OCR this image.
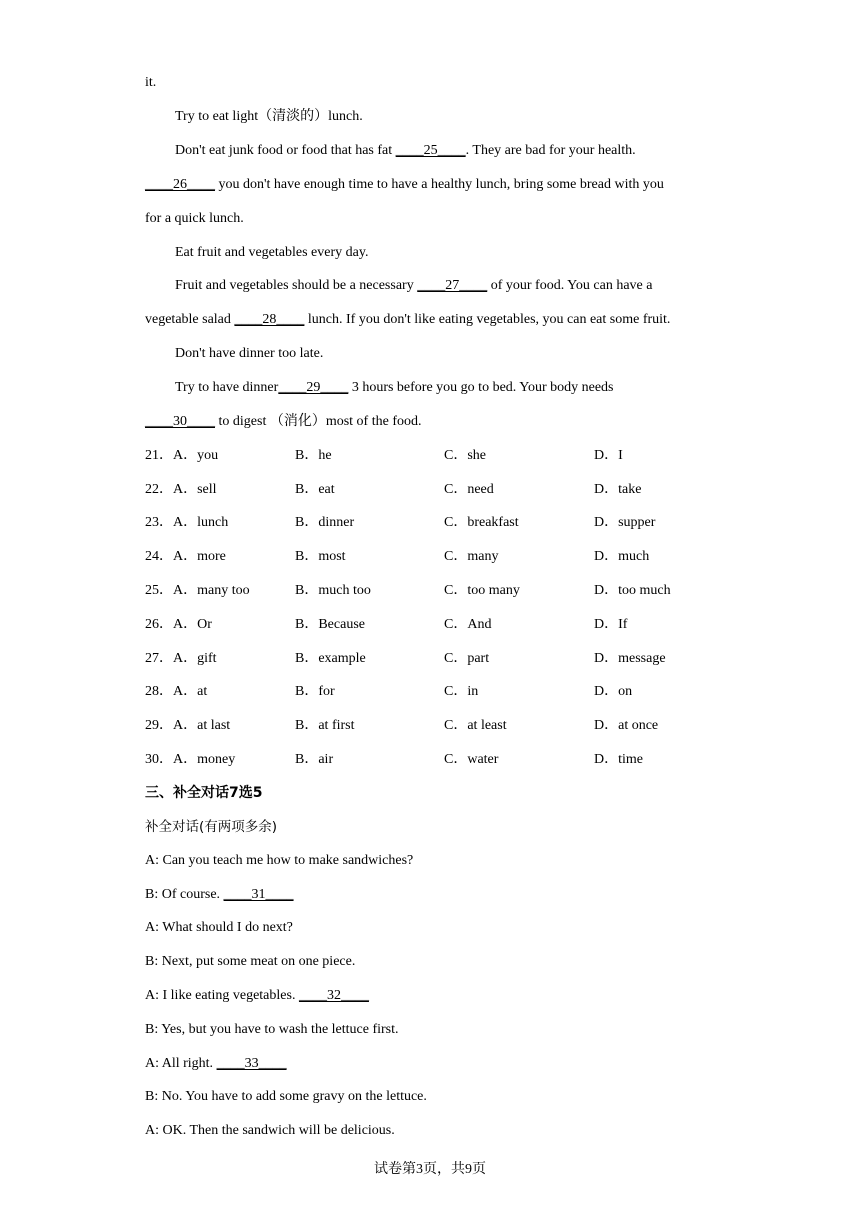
it.
Try to eat light（清淡的）lunch.
Don't eat junk food or food that has fat ____25____. They are bad for your health.
____26____ you don't have enough time to have a healthy lunch, bring some bread with you
for a quick lunch.
Eat fruit and vegetables every day.
Fruit and vegetables should be a necessary ____27____ of your food. You can have a
vegetable salad ____28____ lunch. If you don't like eating vegetables, you can eat some fruit.
Don't have dinner too late.
Try to have dinner____29____ 3 hours before you go to bed. Your body needs
____30____ to digest （消化）most of the food.
21． A．you	B．he	C．she	D．I
22． A．sell	B．eat	C．need	D．take
23． A．lunch	B．dinner	C．breakfast	D．supper
24． A．more	B．most	C．many	D．much
25． A．many too	B．much too	C．too many	D．too much
26． A．Or	B．Because	C．And	D．If
27． A．gift	B．example	C．part	D．message
28． A．at	B．for	C．in	D．on
29． A．at last	B．at first	C．at least	D．at once
30． A．money	B．air	C．water	D．time
三、补全对话7选5
补全对话(有两项多余)
A: Can you teach me how to make sandwiches?
B: Of course. ____31____
A: What should I do next?
B: Next, put some meat on one piece.
A: I like eating vegetables. ____32____
B: Yes, but you have to wash the lettuce first.
A: All right. ____33____
B: No. You have to add some gravy on the lettuce.
A: OK. Then the sandwich will be delicious.
试卷第3页，共9页
